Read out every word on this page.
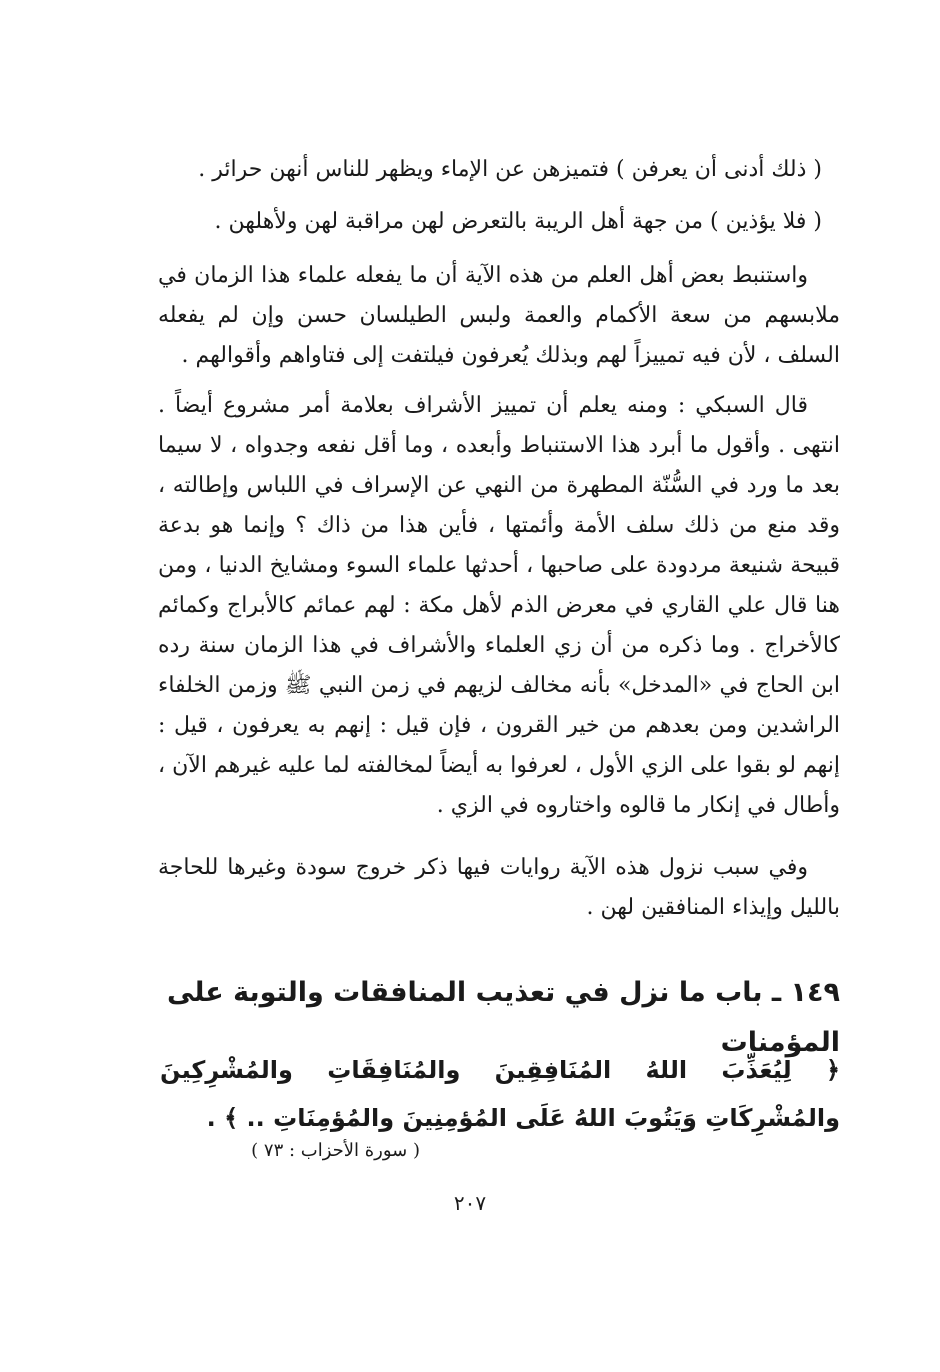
( ذلك أدنى أن يعرفن ) فتميزهن عن الإماء ويظهر للناس أنهن حرائر .

( فلا يؤذين ) من جهة أهل الريبة بالتعرض لهن مراقبة لهن ولأهلهن .

واستنبط بعض أهل العلم من هذه الآية أن ما يفعله علماء هذا الزمان في ملابسهم من سعة الأكمام والعمة ولبس الطيلسان حسن وإن لم يفعله السلف ، لأن فيه تمييزاً لهم وبذلك يُعرفون فيلتفت إلى فتاواهم وأقوالهم .

قال السبكي : ومنه يعلم أن تمييز الأشراف بعلامة أمر مشروع أيضاً . انتهى . وأقول ما أبرد هذا الاستنباط وأبعده ، وما أقل نفعه وجدواه ، لا سيما بعد ما ورد في السُّنّة المطهرة من النهي عن الإسراف في اللباس وإطالته ، وقد منع من ذلك سلف الأمة وأئمتها ، فأين هذا من ذاك ؟ وإنما هو بدعة قبيحة شنيعة مردودة على صاحبها ، أحدثها علماء السوء ومشايخ الدنيا ، ومن هنا قال علي القاري في معرض الذم لأهل مكة : لهم عمائم كالأبراج وكمائم كالأخراج . وما ذكره من أن زي العلماء والأشراف في هذا الزمان سنة رده ابن الحاج في «المدخل» بأنه مخالف لزيهم في زمن النبي ﷺ وزمن الخلفاء الراشدين ومن بعدهم من خير القرون ، فإن قيل : إنهم به يعرفون ، قيل : إنهم لو بقوا على الزي الأول ، لعرفوا به أيضاً لمخالفته لما عليه غيرهم الآن ، وأطال في إنكار ما قالوه واختاروه في الزي .

وفي سبب نزول هذه الآية روايات فيها ذكر خروج سودة وغيرها للحاجة بالليل وإيذاء المنافقين لهن .

١٤٩ ـ باب ما نزل في تعذيب المنافقات والتوبة على المؤمنات

﴿ لِيُعَذِّبَ اللهُ المُنَافِقِينَ والمُنَافِقَاتِ والمُشْرِكِينَ والمُشْرِكَاتِ وَيَتُوبَ اللهُ عَلَى المُؤمِنِينَ والمُؤمِنَاتِ .. ﴾ .

( سورة الأحزاب : ٧٣ )

٢٠٧
